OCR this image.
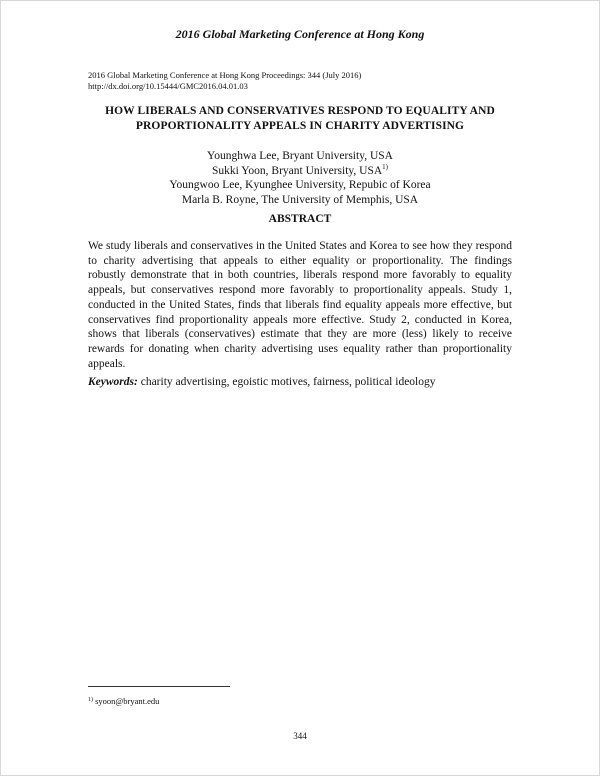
2016 Global Marketing Conference at Hong Kong
2016 Global Marketing Conference at Hong Kong Proceedings: 344 (July 2016)
http://dx.doi.org/10.15444/GMC2016.04.01.03
HOW LIBERALS AND CONSERVATIVES RESPOND TO EQUALITY AND PROPORTIONALITY APPEALS IN CHARITY ADVERTISING
Younghwa Lee, Bryant University, USA
Sukki Yoon, Bryant University, USA$^{1)}$
Youngwoo Lee, Kyunghee University, Repubic of Korea
Marla B. Royne, The University of Memphis, USA
ABSTRACT
We study liberals and conservatives in the United States and Korea to see how they respond to charity advertising that appeals to either equality or proportionality. The findings robustly demonstrate that in both countries, liberals respond more favorably to equality appeals, but conservatives respond more favorably to proportionality appeals. Study 1, conducted in the United States, finds that liberals find equality appeals more effective, but conservatives find proportionality appeals more effective. Study 2, conducted in Korea, shows that liberals (conservatives) estimate that they are more (less) likely to receive rewards for donating when charity advertising uses equality rather than proportionality appeals.
Keywords: charity advertising, egoistic motives, fairness, political ideology
$^{1)}$ syoon@bryant.edu
344
